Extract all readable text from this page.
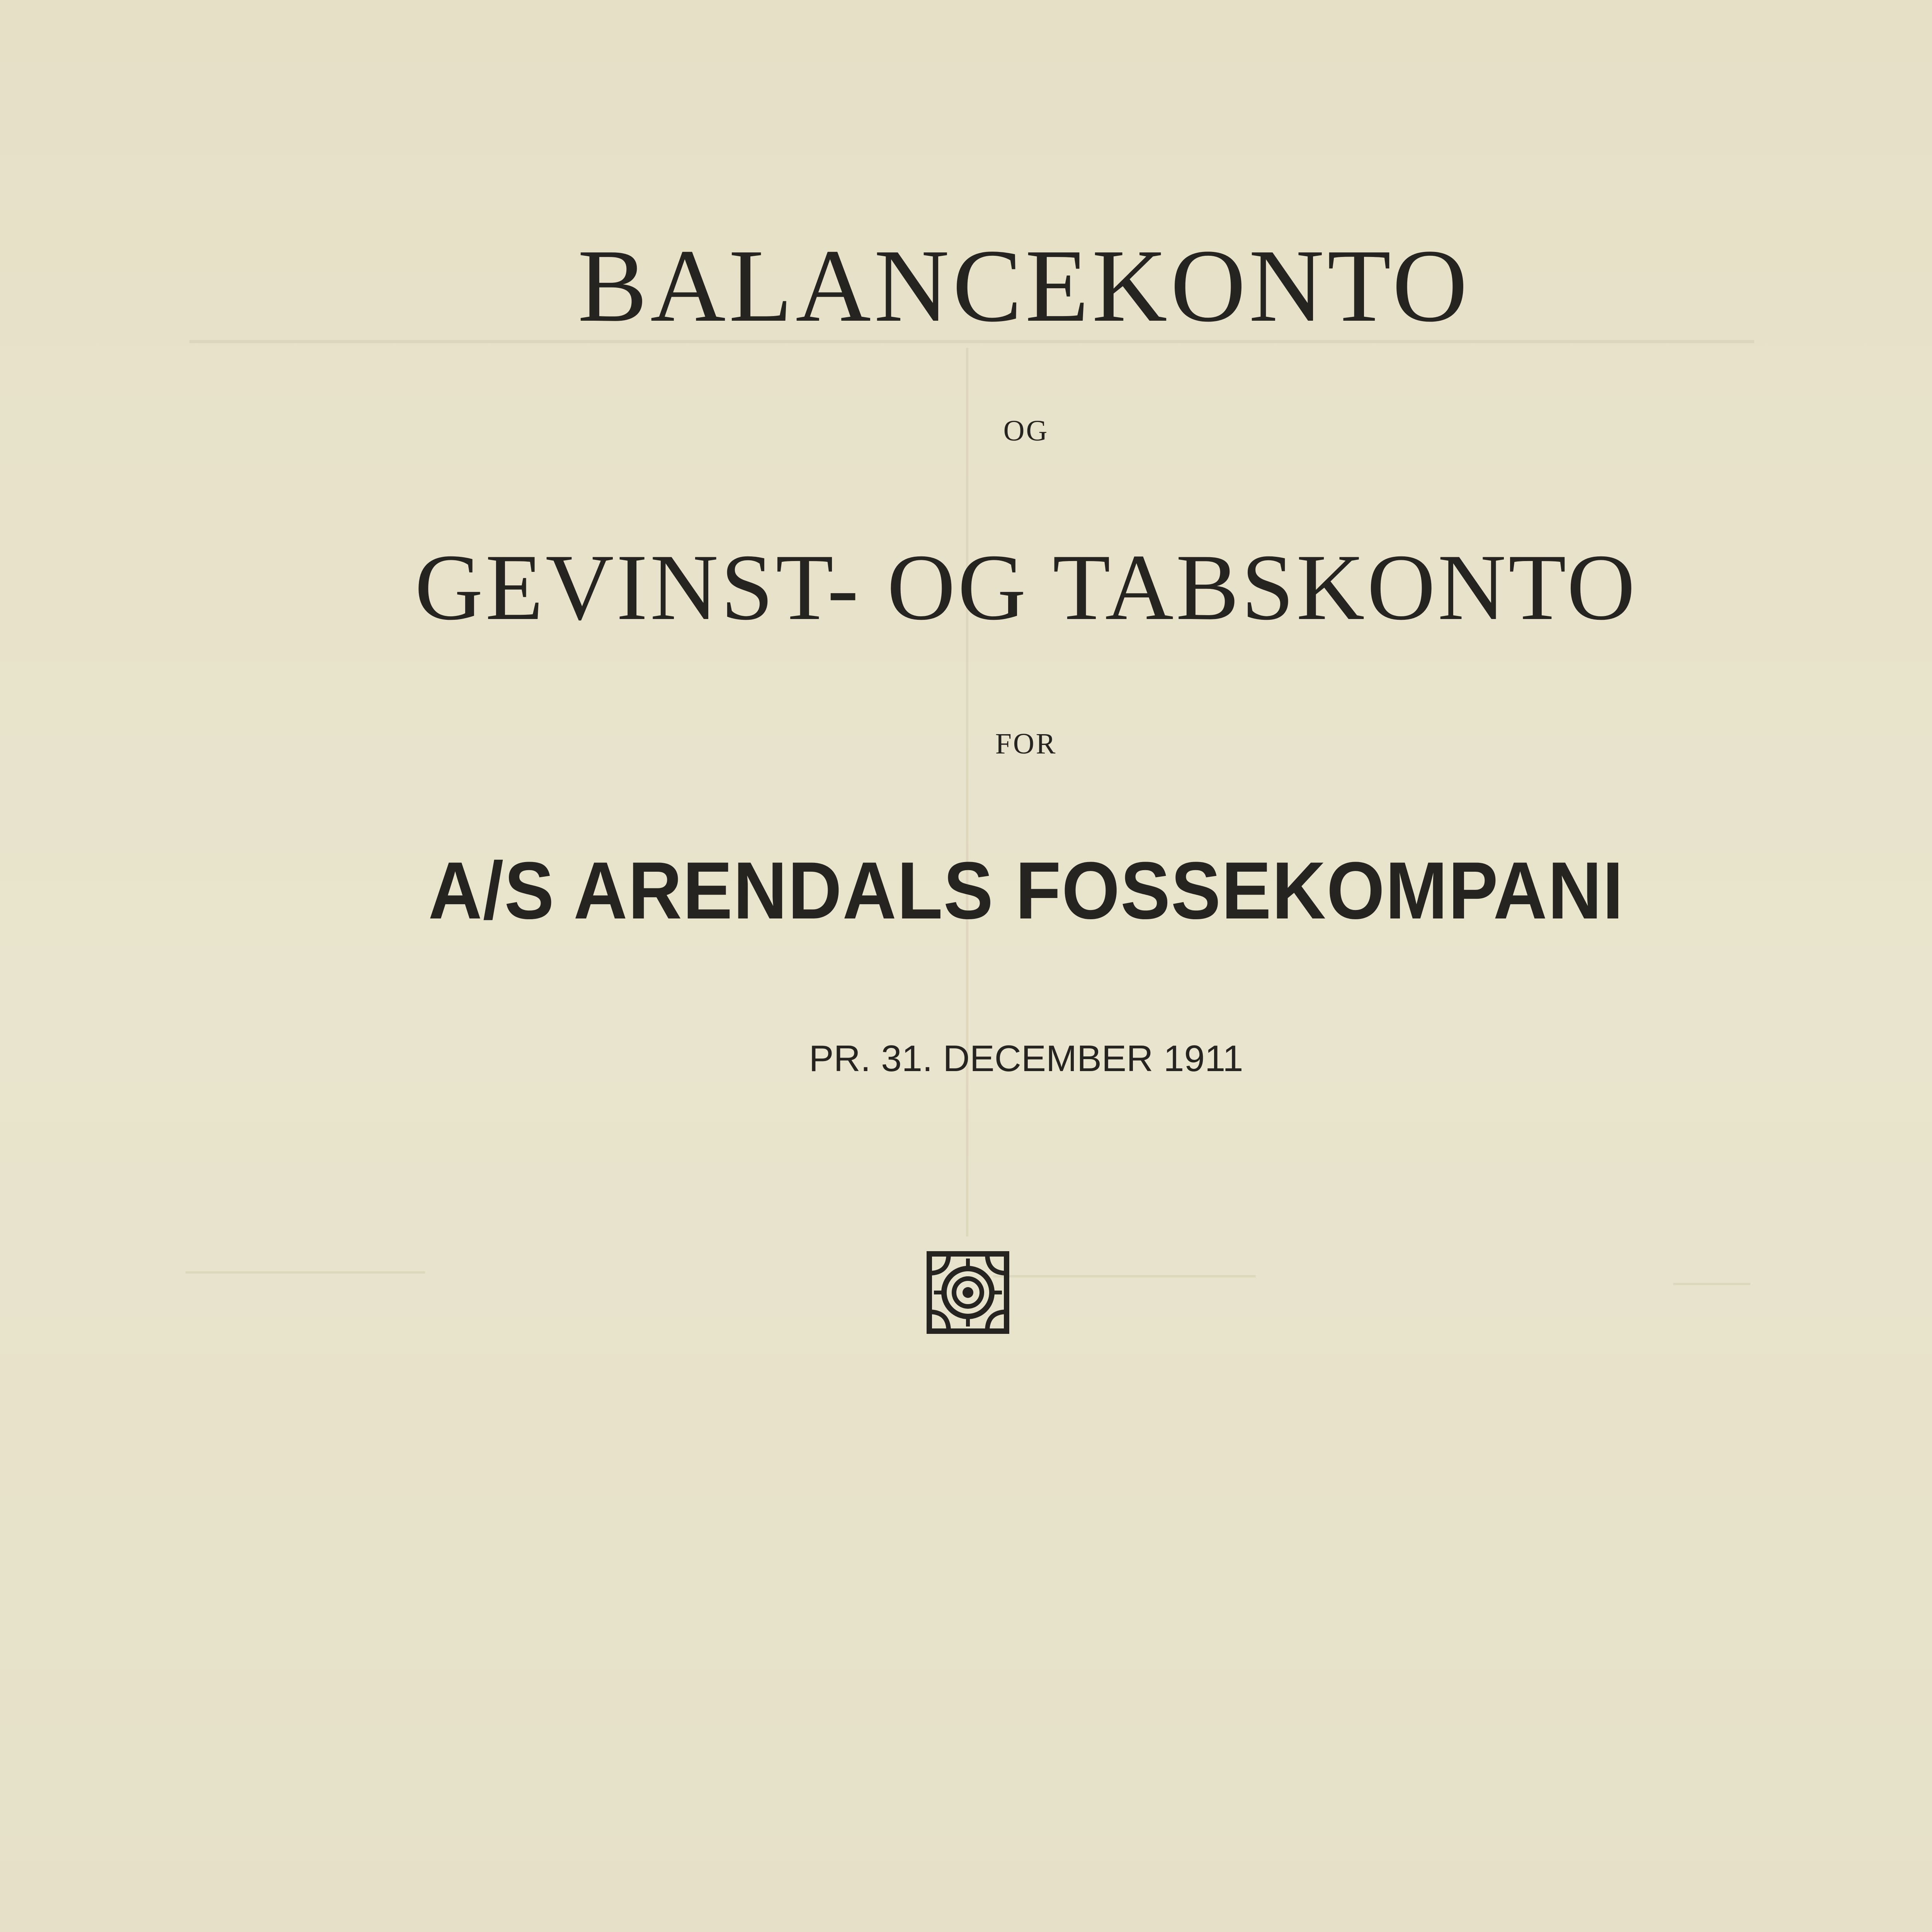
BALANCEKONTO
OG
GEVINST- OG TABSKONTO
FOR
A/S ARENDALS FOSSEKOMPANI
PR. 31. DECEMBER 1911
